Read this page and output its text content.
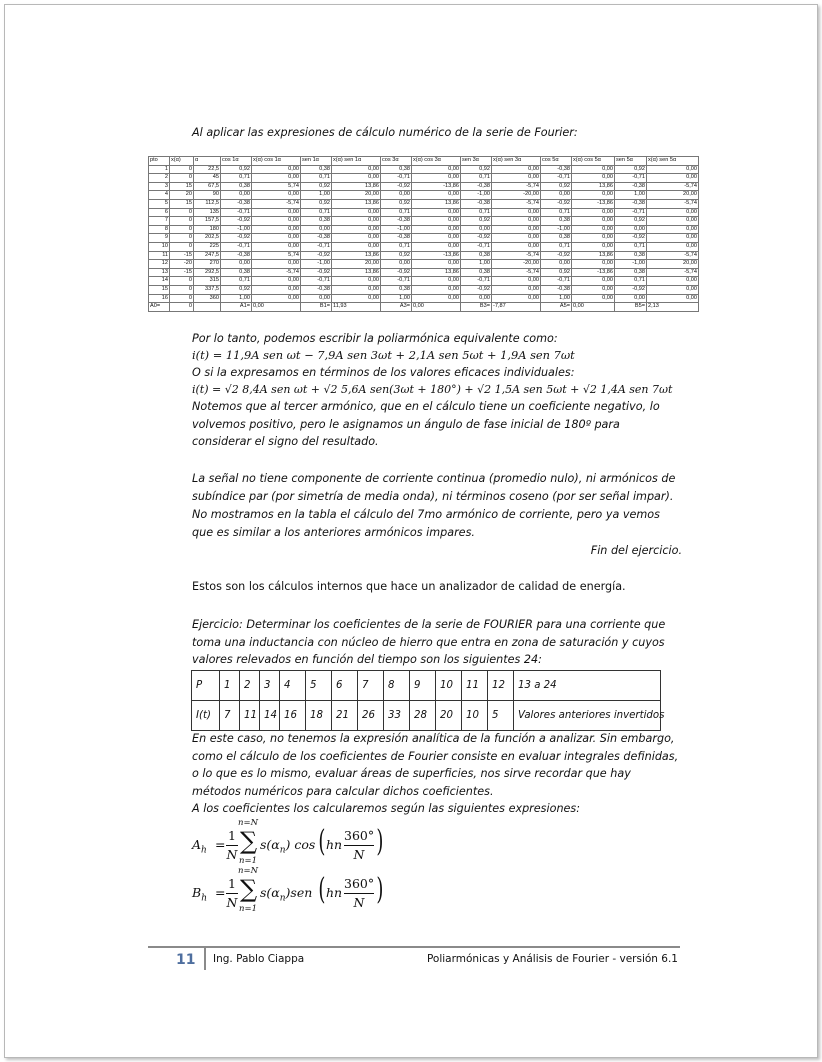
Al aplicar las expresiones de cálculo numérico de la serie de Fourier:
pto	x(α)	α	cos 1α	x(α) cos 1α	sen 1α	x(α) sen 1α	cos 3α	x(α) cos 3α	sen 3α	x(α) sen 3α	cos 5α	x(α) cos 5α	sen 5α	x(α) sen 5α
1	0	22,5	0,92	0,00	0,38	0,00	0,38	0,00	0,92	0,00	-0,38	0,00	0,92	0,00
2	0	45	0,71	0,00	0,71	0,00	-0,71	0,00	0,71	0,00	-0,71	0,00	-0,71	0,00
3	15	67,5	0,38	5,74	0,92	13,86	-0,92	-13,86	-0,38	-5,74	0,92	13,86	-0,38	-5,74
4	20	90	0,00	0,00	1,00	20,00	0,00	0,00	-1,00	-20,00	0,00	0,00	1,00	20,00
5	15	112,5	-0,38	-5,74	0,92	13,86	0,92	13,86	-0,38	-5,74	-0,92	-13,86	-0,38	-5,74
6	0	135	-0,71	0,00	0,71	0,00	0,71	0,00	0,71	0,00	0,71	0,00	-0,71	0,00
7	0	157,5	-0,92	0,00	0,38	0,00	-0,38	0,00	0,92	0,00	0,38	0,00	0,92	0,00
8	0	180	-1,00	0,00	0,00	0,00	-1,00	0,00	0,00	0,00	-1,00	0,00	0,00	0,00
9	0	202,5	-0,92	0,00	-0,38	0,00	-0,38	0,00	-0,92	0,00	0,38	0,00	-0,92	0,00
10	0	225	-0,71	0,00	-0,71	0,00	0,71	0,00	-0,71	0,00	0,71	0,00	0,71	0,00
11	-15	247,5	-0,38	5,74	-0,92	13,86	0,92	-13,86	0,38	-5,74	-0,92	13,86	0,38	-5,74
12	-20	270	0,00	0,00	-1,00	20,00	0,00	0,00	1,00	-20,00	0,00	0,00	-1,00	20,00
13	-15	292,5	0,38	-5,74	-0,92	13,86	-0,92	13,86	0,38	-5,74	0,92	-13,86	0,38	-5,74
14	0	315	0,71	0,00	-0,71	0,00	-0,71	0,00	-0,71	0,00	-0,71	0,00	0,71	0,00
15	0	337,5	0,92	0,00	-0,38	0,00	0,38	0,00	-0,92	0,00	-0,38	0,00	-0,92	0,00
16	0	360	1,00	0,00	0,00	0,00	1,00	0,00	0,00	0,00	1,00	0,00	0,00	0,00
A0=	0		A1=	0,00	B1=	11,93	A3=	0,00	B3=	-7,87	A5=	0,00	B5=	2,13
Por lo tanto, podemos escribir la poliarmónica equivalente como:
i(t) = 11,9A sen ωt − 7,9A sen 3ωt + 2,1A sen 5ωt + 1,9A sen 7ωt
O si la expresamos en términos de los valores eficaces individuales:
i(t) = √2 8,4A sen ωt + √2 5,6A sen(3ωt + 180°) + √2 1,5A sen 5ωt + √2 1,4A sen 7ωt
Notemos que al tercer armónico, que en el cálculo tiene un coeficiente negativo, lo volvemos positivo, pero le asignamos un ángulo de fase inicial de 180º para considerar el signo del resultado.
La señal no tiene componente de corriente continua (promedio nulo), ni armónicos de subíndice par (por simetría de media onda), ni términos coseno (por ser señal impar).
No mostramos en la tabla el cálculo del 7mo armónico de corriente, pero ya vemos que es similar a los anteriores armónicos impares.
Fin del ejercicio.
Estos son los cálculos internos que hace un analizador de calidad de energía.
Ejercicio: Determinar los coeficientes de la serie de FOURIER para una corriente que toma una inductancia con núcleo de hierro que entra en zona de saturación y cuyos valores relevados en función del tiempo son los siguientes 24:
P	1	2	3	4	5	6	7	8	9	10	11	12	13 a 24
I(t)	7	11	14	16	18	21	26	33	28	20	10	5	Valores anteriores invertidos
En este caso, no tenemos la expresión analítica de la función a analizar. Sin embargo, como el cálculo de los coeficientes de Fourier consiste en evaluar integrales definidas, o lo que es lo mismo, evaluar áreas de superficies, nos sirve recordar que hay métodos numéricos para calcular dichos coeficientes.
A los coeficientes los calcularemos según las siguientes expresiones:
$A_h$ =
1
N
n=N
∑
n=1
$s(\alpha_n)$ cos ( hn
360°
N )
$B_h$ =
1
N
n=N
∑
n=1
$s(\alpha_n)sen$ ( hn
360°
N )
11 Ing. Pablo Ciappa	Poliarmónicas y Análisis de Fourier - versión 6.1
